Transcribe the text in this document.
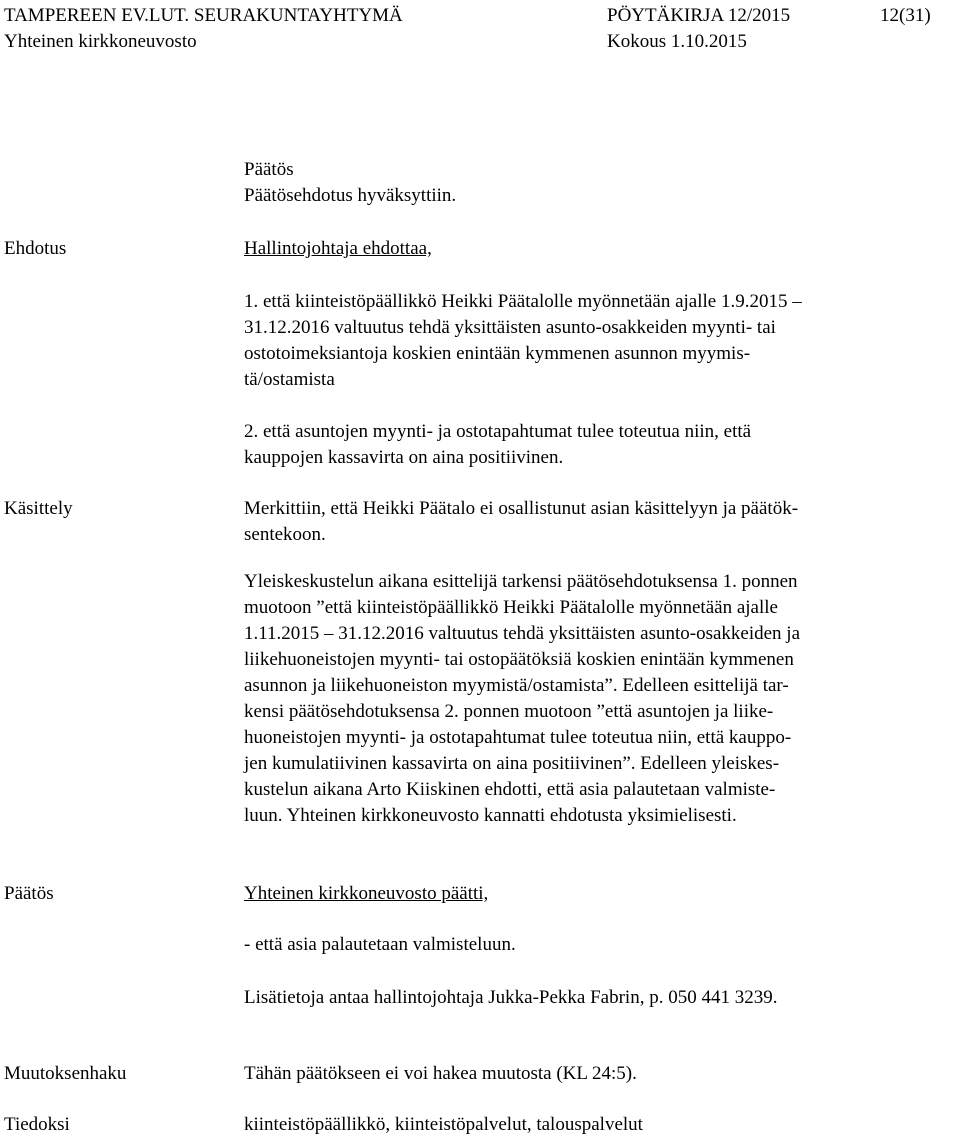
TAMPEREEN EV.LUT. SEURAKUNTAYHTYMÄ	PÖYTÄKIRJA 12/2015	12(31)
Yhteinen kirkkoneuvosto	Kokous 1.10.2015
Päätös
Päätösehdotus hyväksyttiin.
Ehdotus	Hallintojohtaja ehdottaa,
1. että kiinteistöpäällikkö Heikki Päätalolle myönnetään ajalle 1.9.2015 –
31.12.2016 valtuutus tehdä yksittäisten asunto-osakkeiden myynti- tai
ostotoimeksiantoja koskien enintään kymmenen asunnon myymis-
tä/ostamista
2. että asuntojen myynti- ja ostotapahtumat tulee toteutua niin, että
kauppojen kassavirta on aina positiivinen.
Käsittely	Merkittiin, että Heikki Päätalo ei osallistunut asian käsittelyyn ja päätök-
sentekoon.
Yleiskeskustelun aikana esittelijä tarkensi päätösehdotuksensa 1. ponnen
muotoon ”että kiinteistöpäällikkö Heikki Päätalolle myönnetään ajalle
1.11.2015 – 31.12.2016 valtuutus tehdä yksittäisten asunto-osakkeiden ja
liikehuoneistojen myynti- tai ostopäätöksiä koskien enintään kymmenen
asunnon ja liikehuoneiston myymistä/ostamista”. Edelleen esittelijä tar-
kensi päätösehdotuksensa 2. ponnen muotoon ”että asuntojen ja liike-
huoneistojen myynti- ja ostotapahtumat tulee toteutua niin, että kauppo-
jen kumulatiivinen kassavirta on aina positiivinen”. Edelleen yleiskes-
kustelun aikana Arto Kiiskinen ehdotti, että asia palautetaan valmiste-
luun. Yhteinen kirkkoneuvosto kannatti ehdotusta yksimielisesti.
Päätös	Yhteinen kirkkoneuvosto päätti,
- että asia palautetaan valmisteluun.
Lisätietoja antaa hallintojohtaja Jukka-Pekka Fabrin, p. 050 441 3239.
Muutoksenhaku	Tähän päätökseen ei voi hakea muutosta (KL 24:5).
Tiedoksi	kiinteistöpäällikkö, kiinteistöpalvelut, talouspalvelut
